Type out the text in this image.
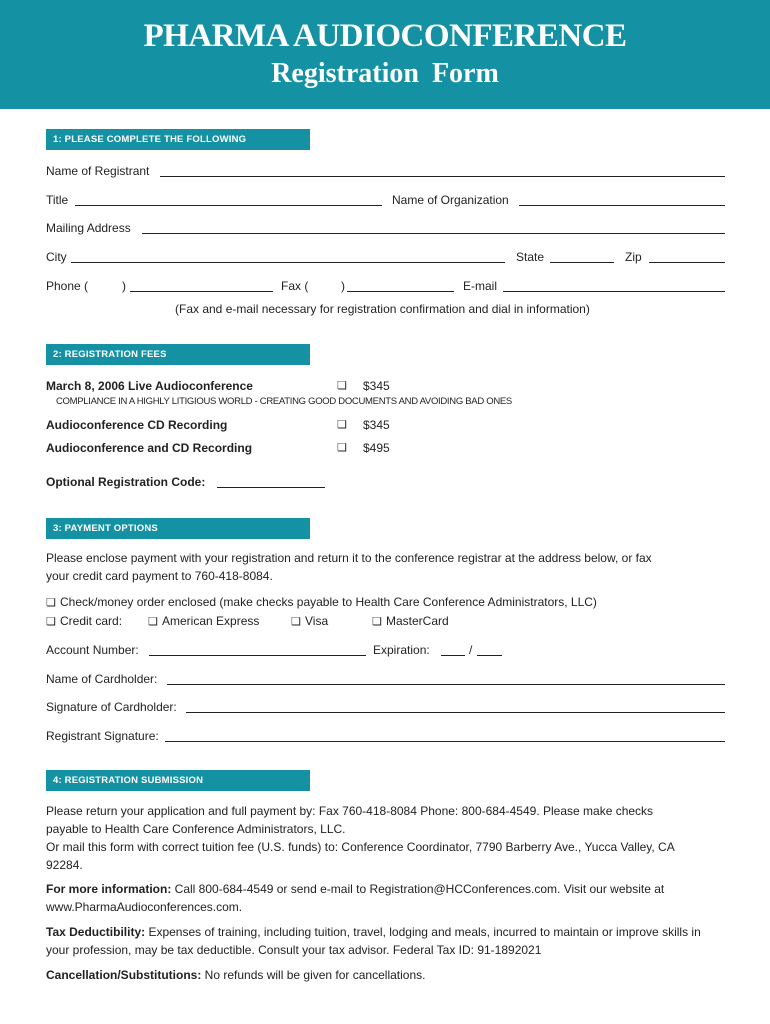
PHARMA AUDIOCONFERENCE
Registration Form
1: PLEASE COMPLETE THE FOLLOWING
Name of Registrant
Title	Name of Organization
Mailing Address
City	State	Zip
Phone (	)	Fax (	)	E-mail
(Fax and e-mail necessary for registration confirmation and dial in information)
2: REGISTRATION FEES
March 8, 2006 Live Audioconference	❏ $345
COMPLIANCE IN A HIGHLY LITIGIOUS WORLD - CREATING GOOD DOCUMENTS AND AVOIDING BAD ONES
Audioconference CD Recording	❏ $345
Audioconference and CD Recording	❏ $495
Optional Registration Code:
3: PAYMENT OPTIONS
Please enclose payment with your registration and return it to the conference registrar at the address below, or fax
your credit card payment to 760-418-8084.
❏ Check/money order enclosed (make checks payable to Health Care Conference Administrators, LLC)
❏ Credit card: ❏ American Express	❏ Visa	❏ MasterCard
Account Number:	Expiration:	/
Name of Cardholder:
Signature of Cardholder:
Registrant Signature:
4: REGISTRATION SUBMISSION
Please return your application and full payment by: Fax 760-418-8084 Phone: 800-684-4549. Please make checks
payable to Health Care Conference Administrators, LLC.
Or mail this form with correct tuition fee (U.S. funds) to: Conference Coordinator, 7790 Barberry Ave., Yucca Valley, CA
92284.
For more information: Call 800-684-4549 or send e-mail to Registration@HCConferences.com. Visit our website at
www.PharmaAudioconferences.com.
Tax Deductibility: Expenses of training, including tuition, travel, lodging and meals, incurred to maintain or improve skills in
your profession, may be tax deductible. Consult your tax advisor. Federal Tax ID: 91-1892021
Cancellation/Substitutions: No refunds will be given for cancellations.
